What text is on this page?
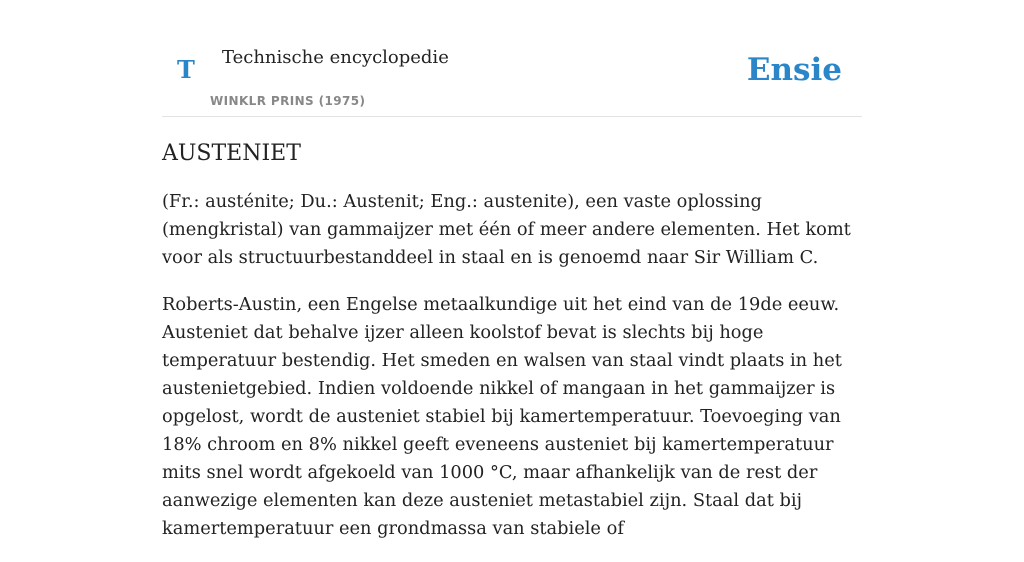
T Technische encyclopedie
WINKLR PRINS (1975)
Ensie
AUSTENIET

(Fr.: austénite; Du.: Austenit; Eng.: austenite), een vaste oplossing (mengkristal) van gammaijzer met één of meer andere elementen. Het komt voor als structuurbestanddeel in staal en is genoemd naar Sir William C.

Roberts-Austin, een Engelse metaalkundige uit het eind van de 19de eeuw. Austeniet dat behalve ijzer alleen koolstof bevat is slechts bij hoge temperatuur bestendig. Het smeden en walsen van staal vindt plaats in het austenietgebied. Indien voldoende nikkel of mangaan in het gammaijzer is opgelost, wordt de austeniet stabiel bij kamertemperatuur. Toevoeging van 18% chroom en 8% nikkel geeft eveneens austeniet bij kamertemperatuur mits snel wordt afgekoeld van 1000 °C, maar afhankelijk van de rest der aanwezige elementen kan deze austeniet metastabiel zijn. Staal dat bij kamertemperatuur een grondmassa van stabiele of
